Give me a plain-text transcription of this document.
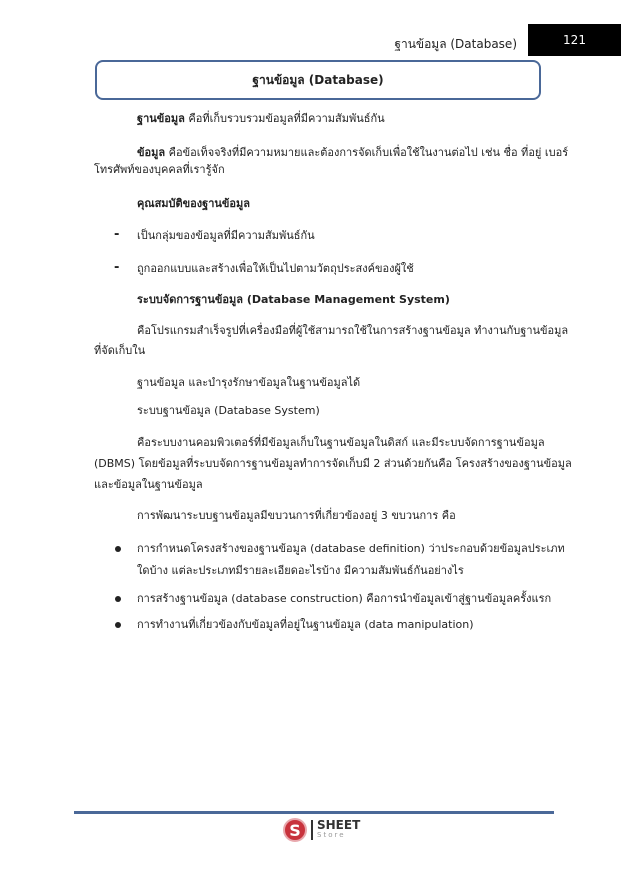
ฐานข้อมูล (Database)	121
ฐานข้อมูล (Database)
ฐานข้อมูล คือที่เก็บรวบรวมข้อมูลที่มีความสัมพันธ์กัน
ข้อมูล คือข้อเท็จจริงที่มีความหมายและต้องการจัดเก็บเพื่อใช้ในงานต่อไป เช่น ชื่อ ที่อยู่ เบอร์
โทรศัพท์ของบุคคลที่เรารู้จัก
คุณสมบัติของฐานข้อมูล
- เป็นกลุ่มของข้อมูลที่มีความสัมพันธ์กัน
- ถูกออกแบบและสร้างเพื่อให้เป็นไปตามวัตถุประสงค์ของผู้ใช้
ระบบจัดการฐานข้อมูล (Database Management System)
คือโปรแกรมสำเร็จรูปที่เครื่องมือที่ผู้ใช้สามารถใช้ในการสร้างฐานข้อมูล ทำงานกับฐานข้อมูล
ที่จัดเก็บใน
ฐานข้อมูล และบำรุงรักษาข้อมูลในฐานข้อมูลได้
ระบบฐานข้อมูล (Database System)
คือระบบงานคอมพิวเตอร์ที่มีข้อมูลเก็บในฐานข้อมูลในดิสก์ และมีระบบจัดการฐานข้อมูล
(DBMS) โดยข้อมูลที่ระบบจัดการฐานข้อมูลทำการจัดเก็บมี 2 ส่วนด้วยกันคือ โครงสร้างของฐานข้อมูล
และข้อมูลในฐานข้อมูล
การพัฒนาระบบฐานข้อมูลมีขบวนการที่เกี่ยวข้องอยู่ 3 ขบวนการ คือ
การกำหนดโครงสร้างของฐานข้อมูล (database definition) ว่าประกอบด้วยข้อมูลประเภท
ใดบ้าง แต่ละประเภทมีรายละเอียดอะไรบ้าง มีความสัมพันธ์กันอย่างไร
การสร้างฐานข้อมูล (database construction) คือการนำข้อมูลเข้าสู่ฐานข้อมูลครั้งแรก
การทำงานที่เกี่ยวข้องกับข้อมูลที่อยู่ในฐานข้อมูล (data manipulation)
S	SHEET
Store
